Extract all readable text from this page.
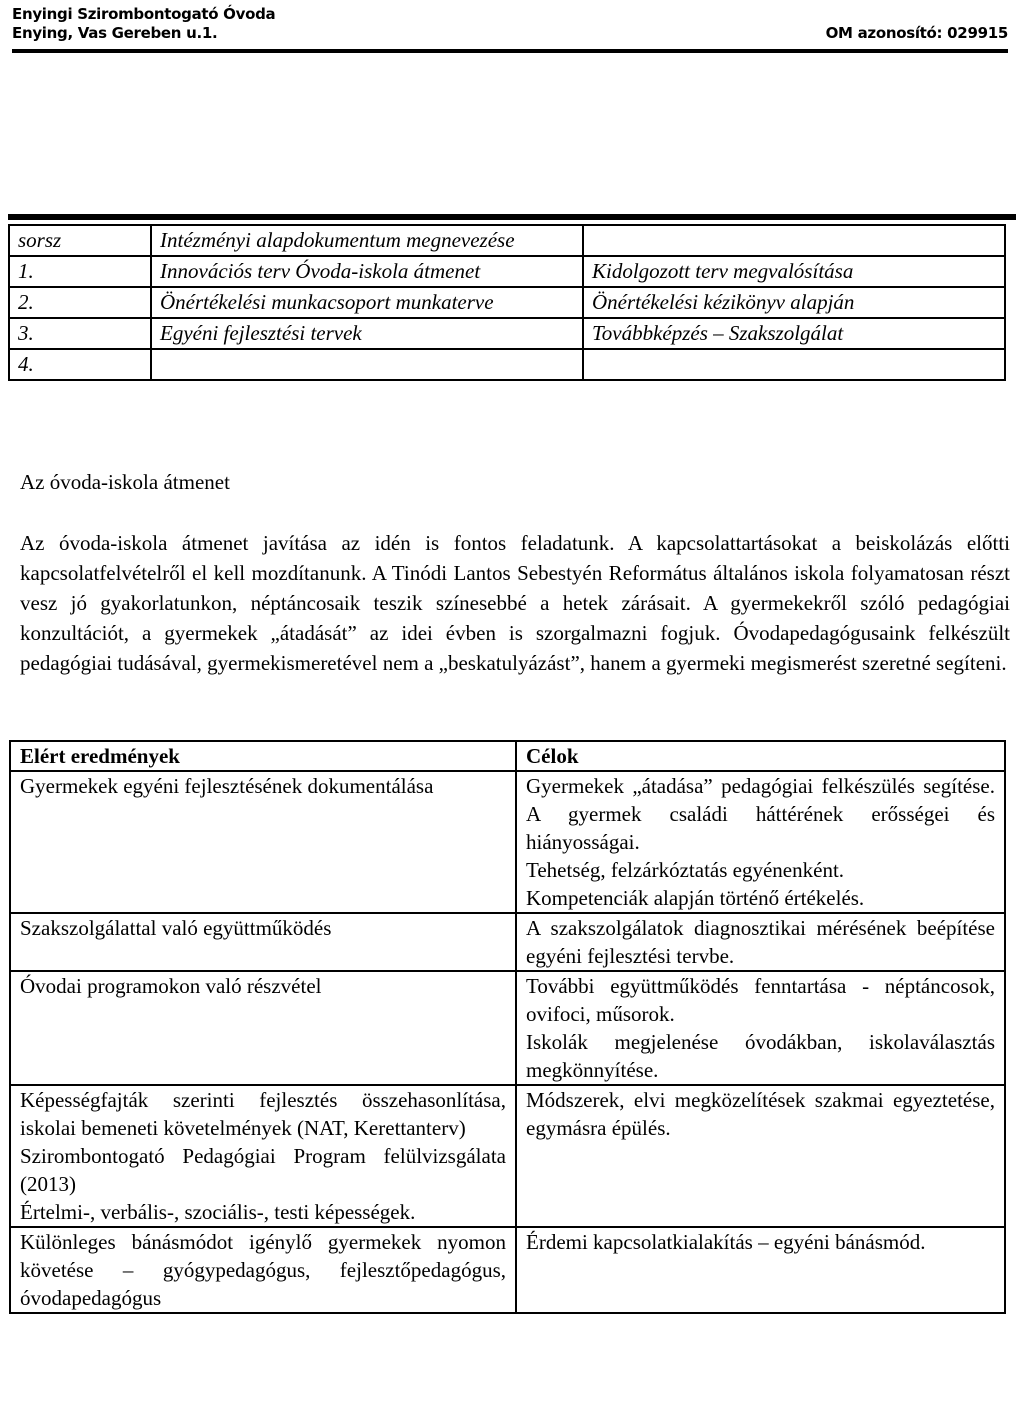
Enyingi Szirombontogató Óvoda
Enying, Vas Gereben u.1.	OM azonosító: 029915
sorsz	Intézményi alapdokumentum megnevezése	
1.	Innovációs terv Óvoda-iskola átmenet	Kidolgozott terv megvalósítása
2.	Önértékelési munkacsoport munkaterve	Önértékelési kézikönyv alapján
3.	Egyéni fejlesztési tervek	Továbbképzés – Szakszolgálat
4.		
Az óvoda-iskola átmenet
Az óvoda-iskola átmenet javítása az idén is fontos feladatunk. A kapcsolattartásokat a beiskolázás előtti kapcsolatfelvételről el kell mozdítanunk. A Tinódi Lantos Sebestyén Református általános iskola folyamatosan részt vesz jó gyakorlatunkon, néptáncosaik teszik színesebbé a hetek zárásait. A gyermekekről szóló pedagógiai konzultációt, a gyermekek „átadását” az idei évben is szorgalmazni fogjuk. Óvodapedagógusaink felkészült pedagógiai tudásával, gyermekismeretével nem a „beskatulyázást”, hanem a gyermeki megismerést szeretné segíteni.
Elért eredmények	Célok

Gyermekek egyéni fejlesztésének dokumentálása	Gyermekek „átadása” pedagógiai felkészülés segítése. A gyermek családi háttérének erősségei és hiányosságai.
Tehetség, felzárkóztatás egyénenként.
Kompetenciák alapján történő értékelés.

Szakszolgálattal való együttműködés	A szakszolgálatok diagnosztikai mérésének beépítése egyéni fejlesztési tervbe.

Óvodai programokon való részvétel	További együttműködés fenntartása - néptáncosok, ovifoci, műsorok.
Iskolák megjelenése óvodákban, iskolaválasztás megkönnyítése.

Képességfajták szerinti fejlesztés összehasonlítása, iskolai bemeneti követelmények (NAT, Kerettanterv)
Szirombontogató Pedagógiai Program felülvizsgálata (2013)
Értelmi-, verbális-, szociális-, testi képességek.	Módszerek, elvi megközelítések szakmai egyeztetése, egymásra épülés.

Különleges bánásmódot igénylő gyermekek nyomon követése – gyógypedagógus, fejlesztőpedagógus, óvodapedagógus	Érdemi kapcsolatkialakítás – egyéni bánásmód.
